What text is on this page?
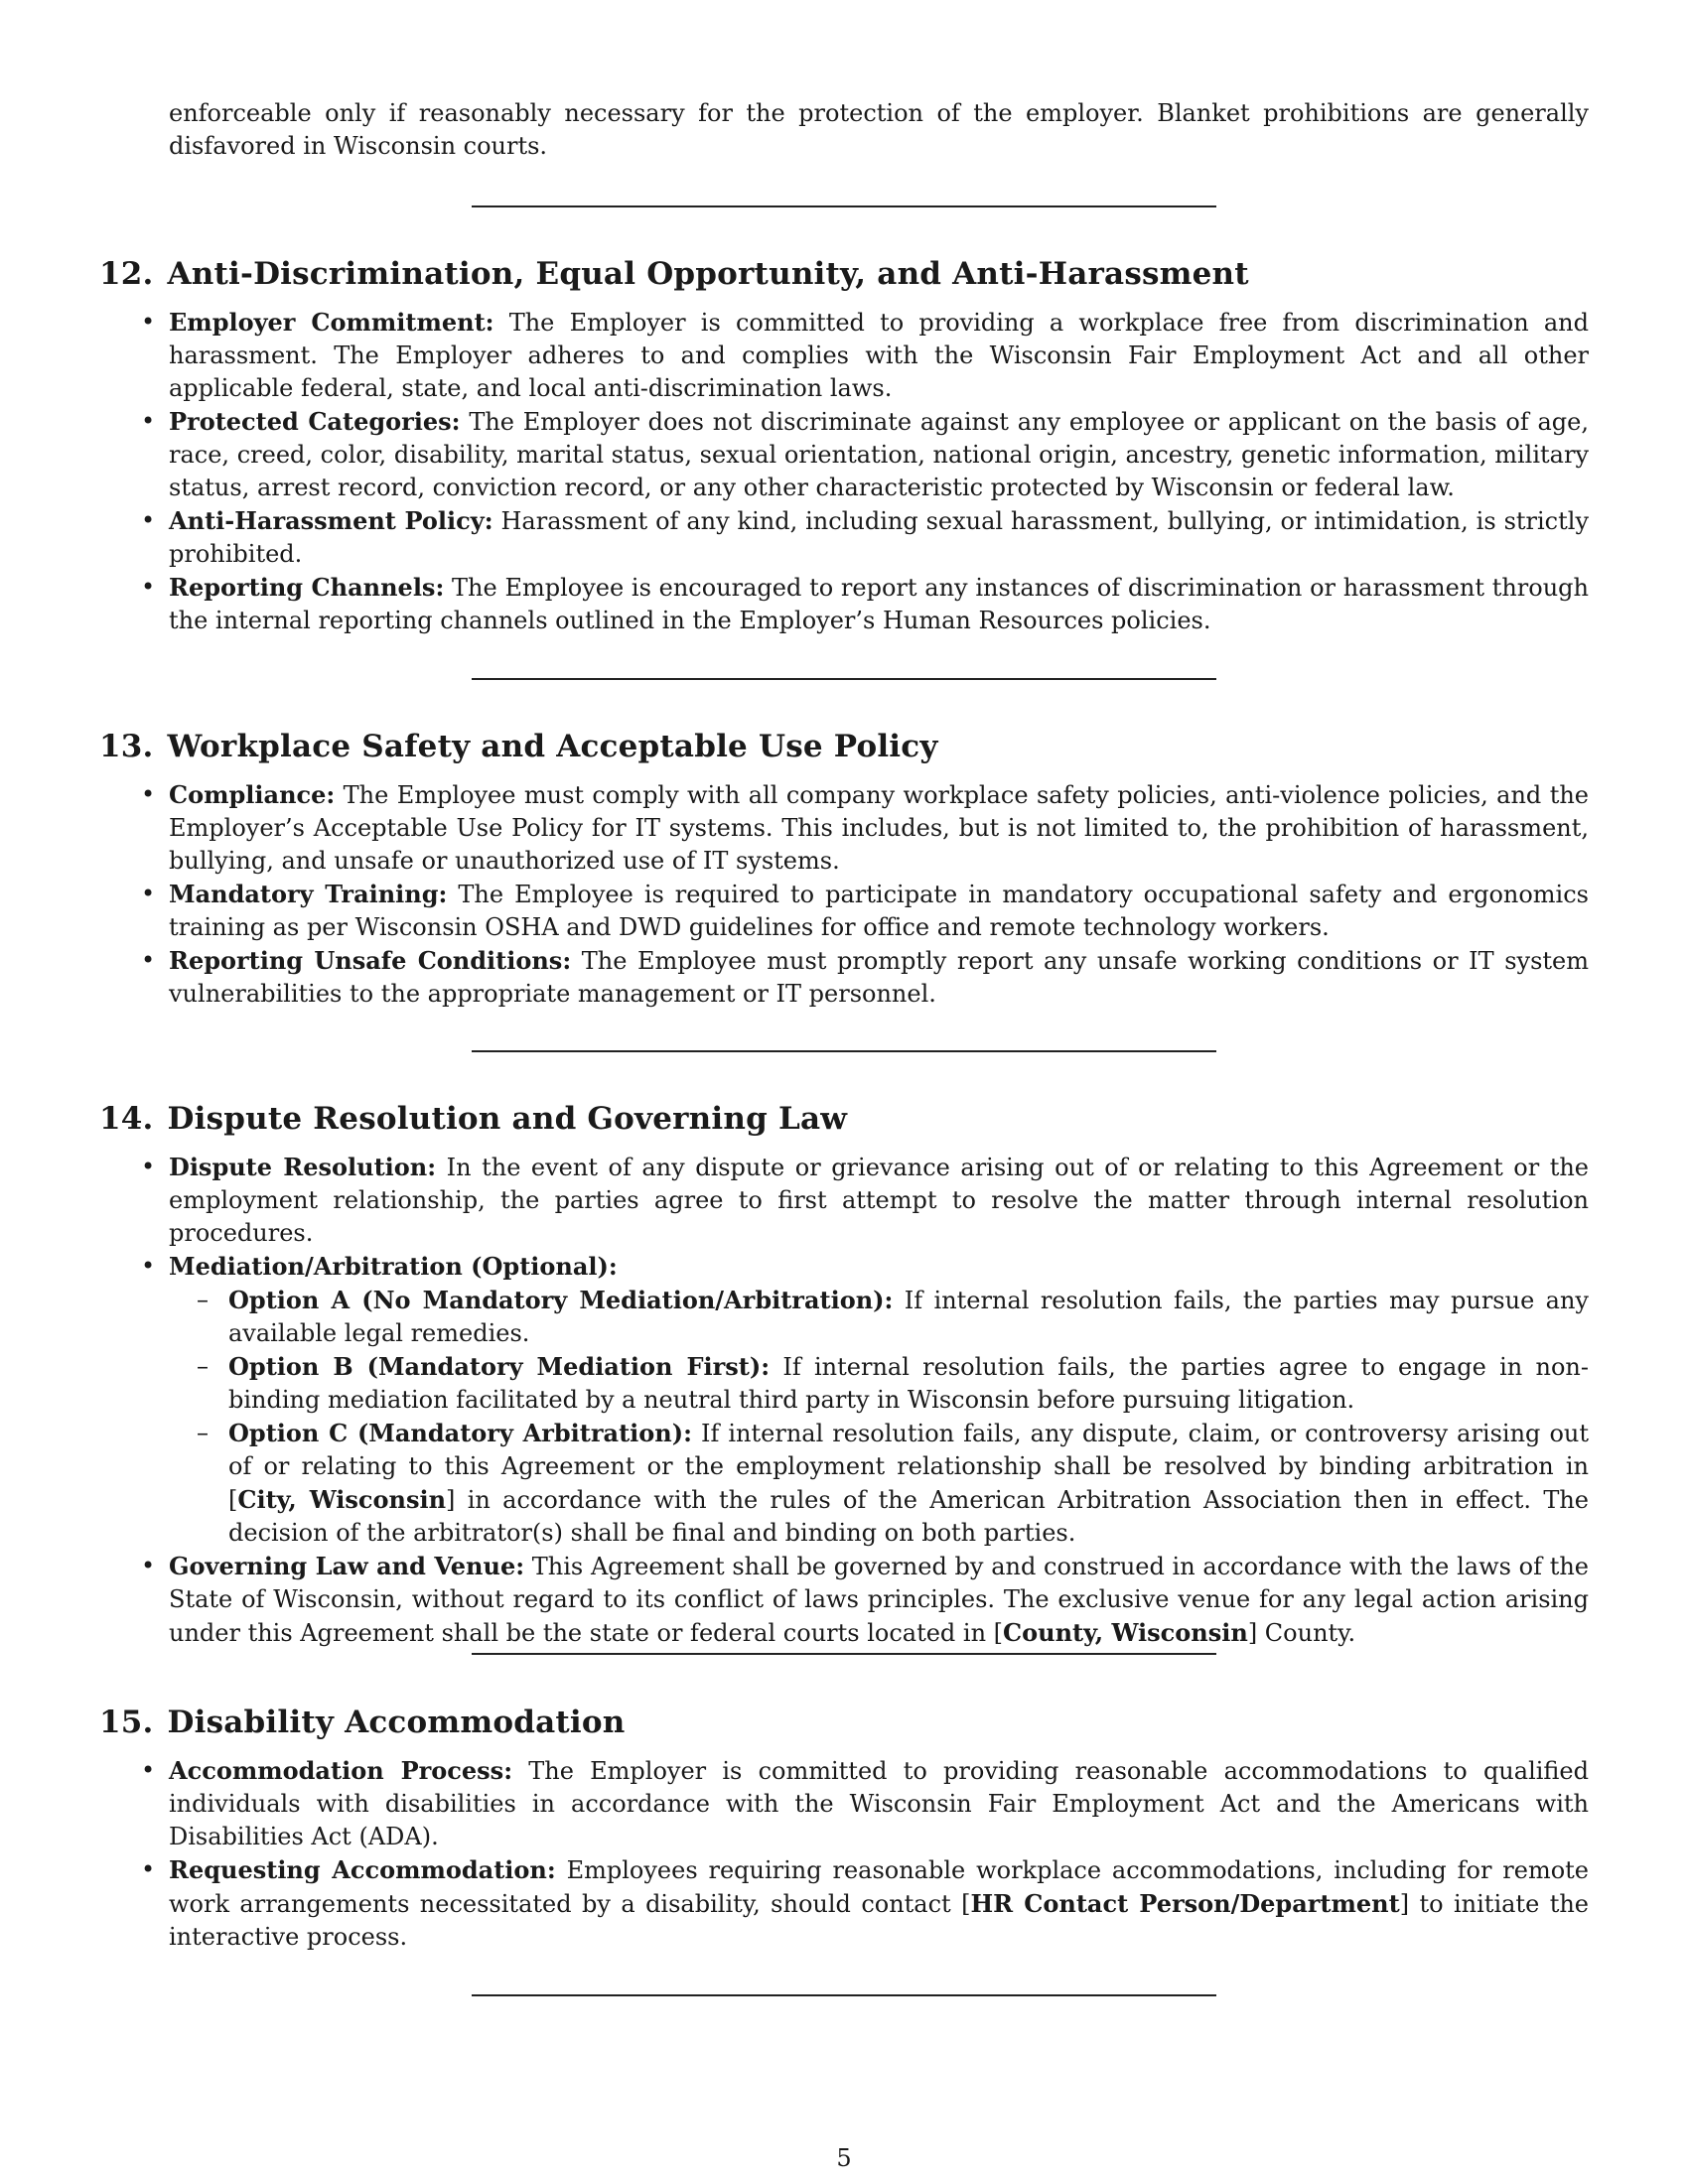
enforceable only if reasonably necessary for the protection of the employer. Blanket prohibitions are generally disfavored in Wisconsin courts.

12. Anti-Discrimination, Equal Opportunity, and Anti-Harassment
• Employer Commitment: The Employer is committed to providing a workplace free from discrimination and harassment. The Employer adheres to and complies with the Wisconsin Fair Employment Act and all other applicable federal, state, and local anti-discrimination laws.
• Protected Categories: The Employer does not discriminate against any employee or applicant on the basis of age, race, creed, color, disability, marital status, sexual orientation, national origin, ancestry, genetic information, military status, arrest record, conviction record, or any other characteristic protected by Wisconsin or federal law.
• Anti-Harassment Policy: Harassment of any kind, including sexual harassment, bullying, or intimidation, is strictly prohibited.
• Reporting Channels: The Employee is encouraged to report any instances of discrimination or harassment through the internal reporting channels outlined in the Employer’s Human Resources policies.
13. Workplace Safety and Acceptable Use Policy
• Compliance: The Employee must comply with all company workplace safety policies, anti-violence policies, and the Employer’s Acceptable Use Policy for IT systems. This includes, but is not limited to, the prohibition of harassment, bullying, and unsafe or unauthorized use of IT systems.
• Mandatory Training: The Employee is required to participate in mandatory occupational safety and ergonomics training as per Wisconsin OSHA and DWD guidelines for office and remote technology workers.
• Reporting Unsafe Conditions: The Employee must promptly report any unsafe working conditions or IT system vulnerabilities to the appropriate management or IT personnel.
14. Dispute Resolution and Governing Law
• Dispute Resolution: In the event of any dispute or grievance arising out of or relating to this Agreement or the employment relationship, the parties agree to first attempt to resolve the matter through internal resolution procedures.
• Mediation/Arbitration (Optional):
– Option A (No Mandatory Mediation/Arbitration): If internal resolution fails, the parties may pursue any available legal remedies.
– Option B (Mandatory Mediation First): If internal resolution fails, the parties agree to engage in non-binding mediation facilitated by a neutral third party in Wisconsin before pursuing litigation.
– Option C (Mandatory Arbitration): If internal resolution fails, any dispute, claim, or controversy arising out of or relating to this Agreement or the employment relationship shall be resolved by binding arbitration in [City, Wisconsin] in accordance with the rules of the American Arbitration Association then in effect. The decision of the arbitrator(s) shall be final and binding on both parties.
• Governing Law and Venue: This Agreement shall be governed by and construed in accordance with the laws of the State of Wisconsin, without regard to its conflict of laws principles. The exclusive venue for any legal action arising under this Agreement shall be the state or federal courts located in [County, Wisconsin] County.
15. Disability Accommodation
• Accommodation Process: The Employer is committed to providing reasonable accommodations to qualified individuals with disabilities in accordance with the Wisconsin Fair Employment Act and the Americans with Disabilities Act (ADA).
• Requesting Accommodation: Employees requiring reasonable workplace accommodations, including for remote work arrangements necessitated by a disability, should contact [HR Contact Person/Department] to initiate the interactive process.
5
